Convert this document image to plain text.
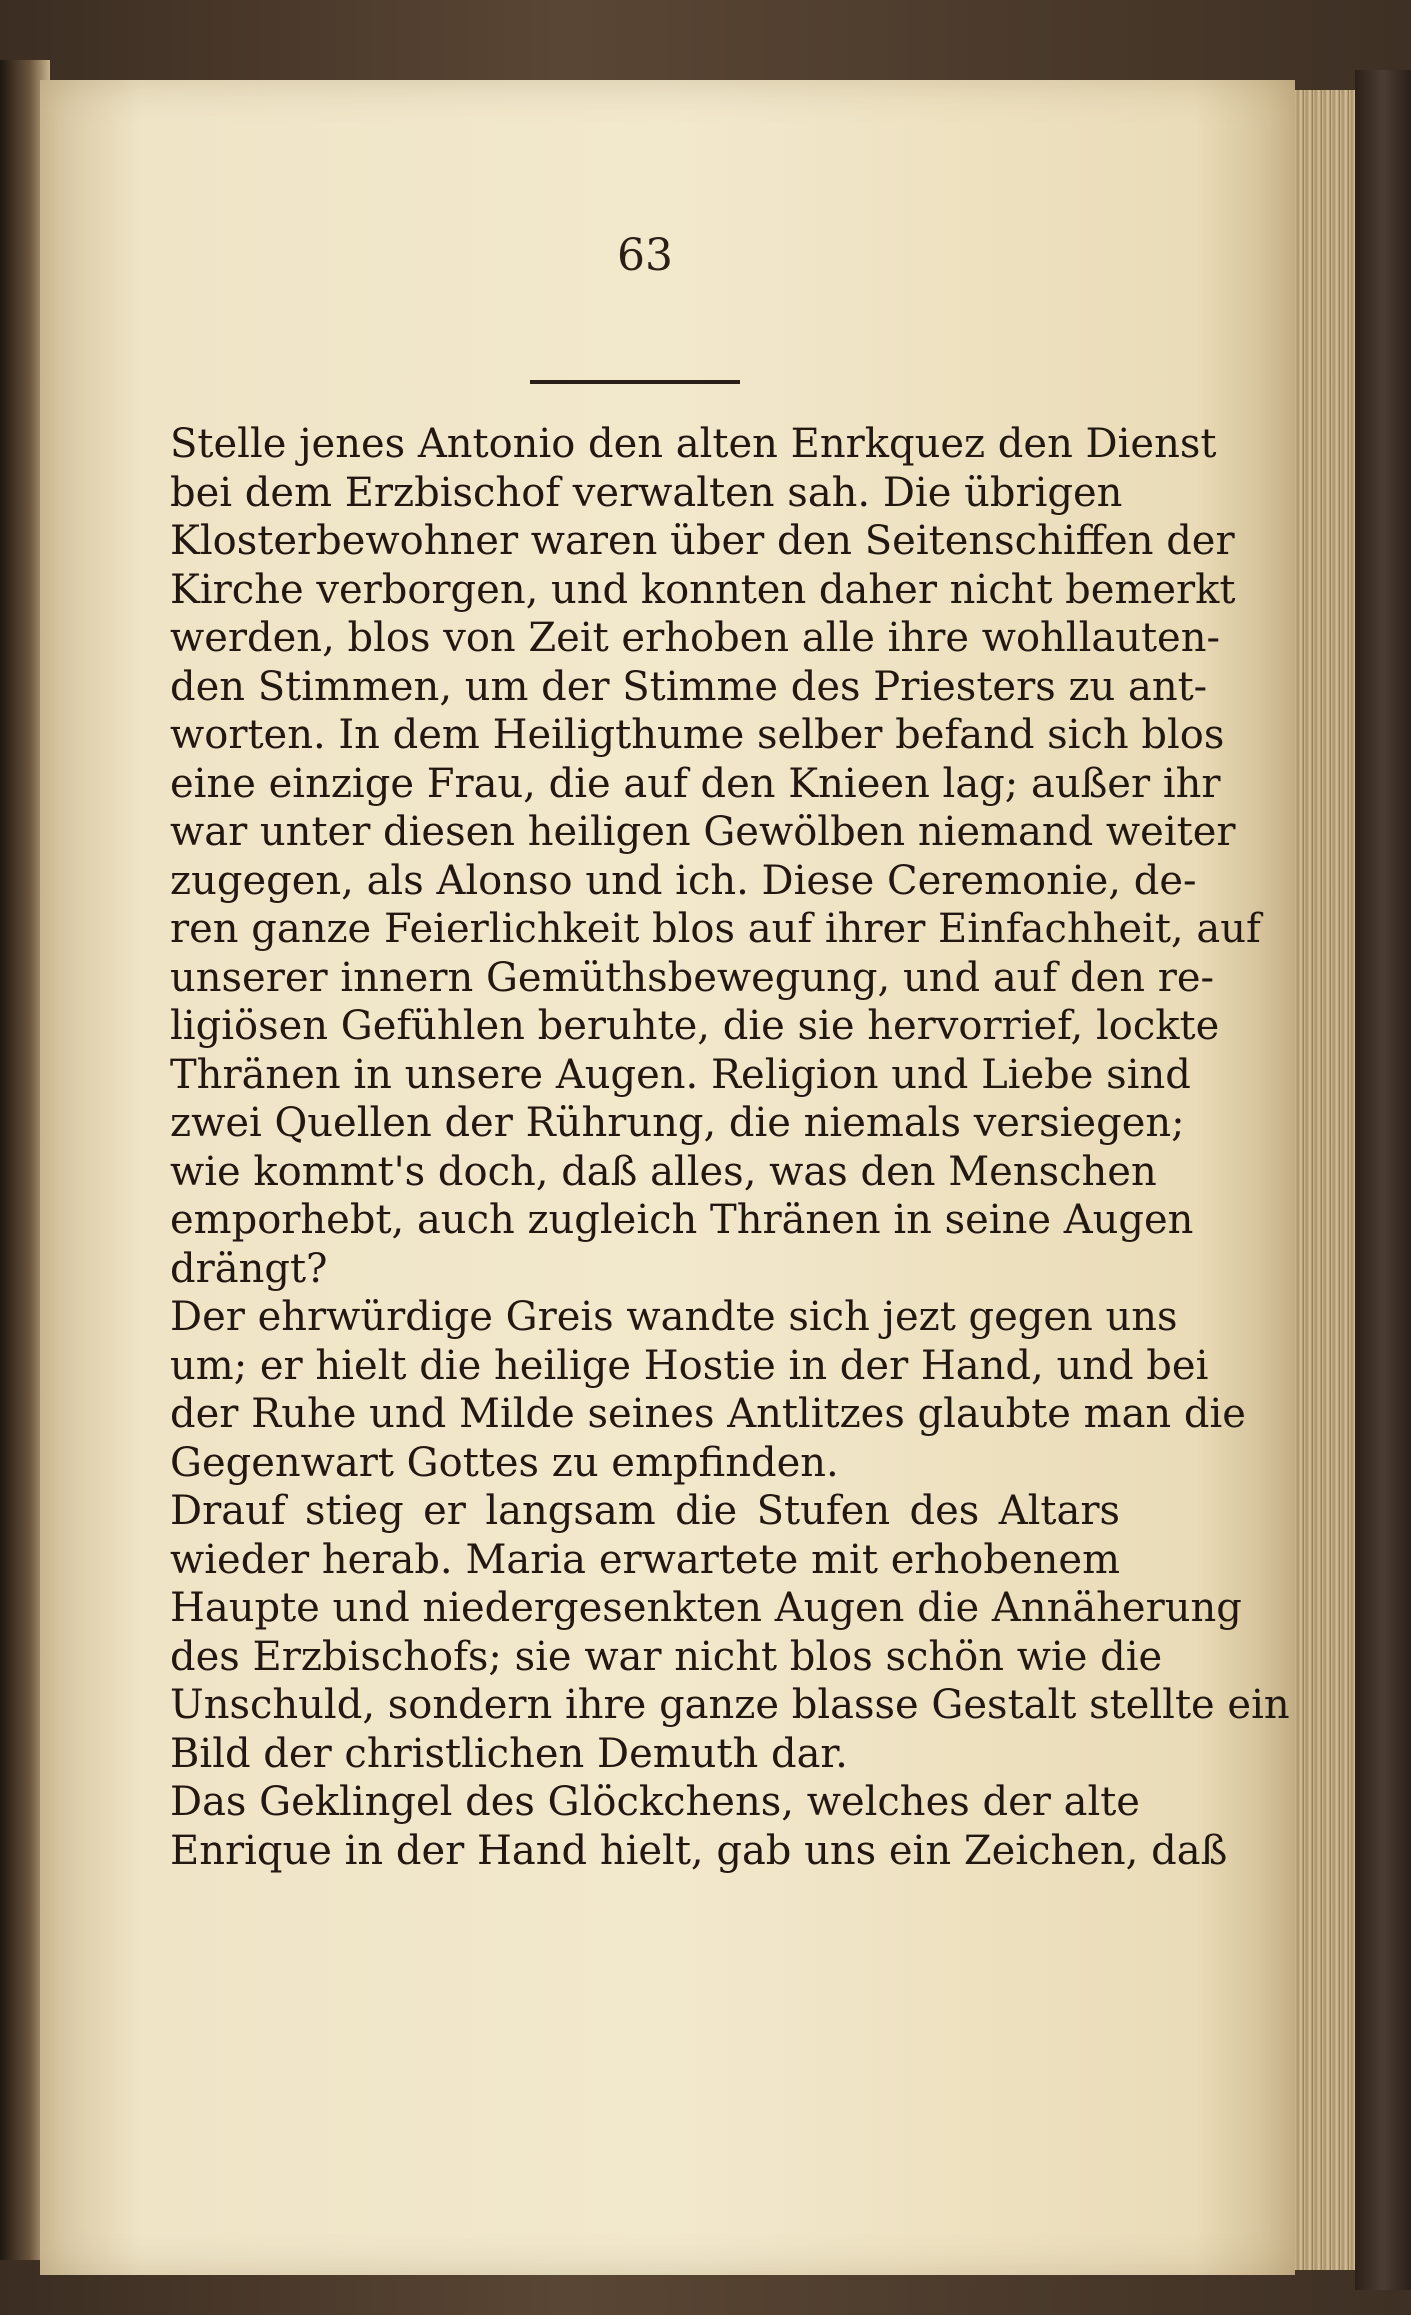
63
Stelle jenes Antonio den alten Enrkquez den Dienst
bei dem Erzbischof verwalten sah. Die übrigen
Klosterbewohner waren über den Seitenschiffen der
Kirche verborgen, und konnten daher nicht bemerkt
werden, blos von Zeit erhoben alle ihre wohllauten-
den Stimmen, um der Stimme des Priesters zu ant-
worten. In dem Heiligthume selber befand sich blos
eine einzige Frau, die auf den Knieen lag; außer ihr
war unter diesen heiligen Gewölben niemand weiter
zugegen, als Alonso und ich. Diese Ceremonie, de-
ren ganze Feierlichkeit blos auf ihrer Einfachheit, auf
unserer innern Gemüthsbewegung, und auf den re-
ligiösen Gefühlen beruhte, die sie hervorrief, lockte
Thränen in unsere Augen. Religion und Liebe sind
zwei Quellen der Rührung, die niemals versiegen;
wie kommt's doch, daß alles, was den Menschen
emporhebt, auch zugleich Thränen in seine Augen
drängt?
Der ehrwürdige Greis wandte sich jezt gegen uns
um; er hielt die heilige Hostie in der Hand, und bei
der Ruhe und Milde seines Antlitzes glaubte man die
Gegenwart Gottes zu empfinden.
Drauf stieg er langsam die Stufen des Altars
wieder herab. Maria erwartete mit erhobenem
Haupte und niedergesenkten Augen die Annäherung
des Erzbischofs; sie war nicht blos schön wie die
Unschuld, sondern ihre ganze blasse Gestalt stellte ein
Bild der christlichen Demuth dar.
Das Geklingel des Glöckchens, welches der alte
Enrique in der Hand hielt, gab uns ein Zeichen, daß
